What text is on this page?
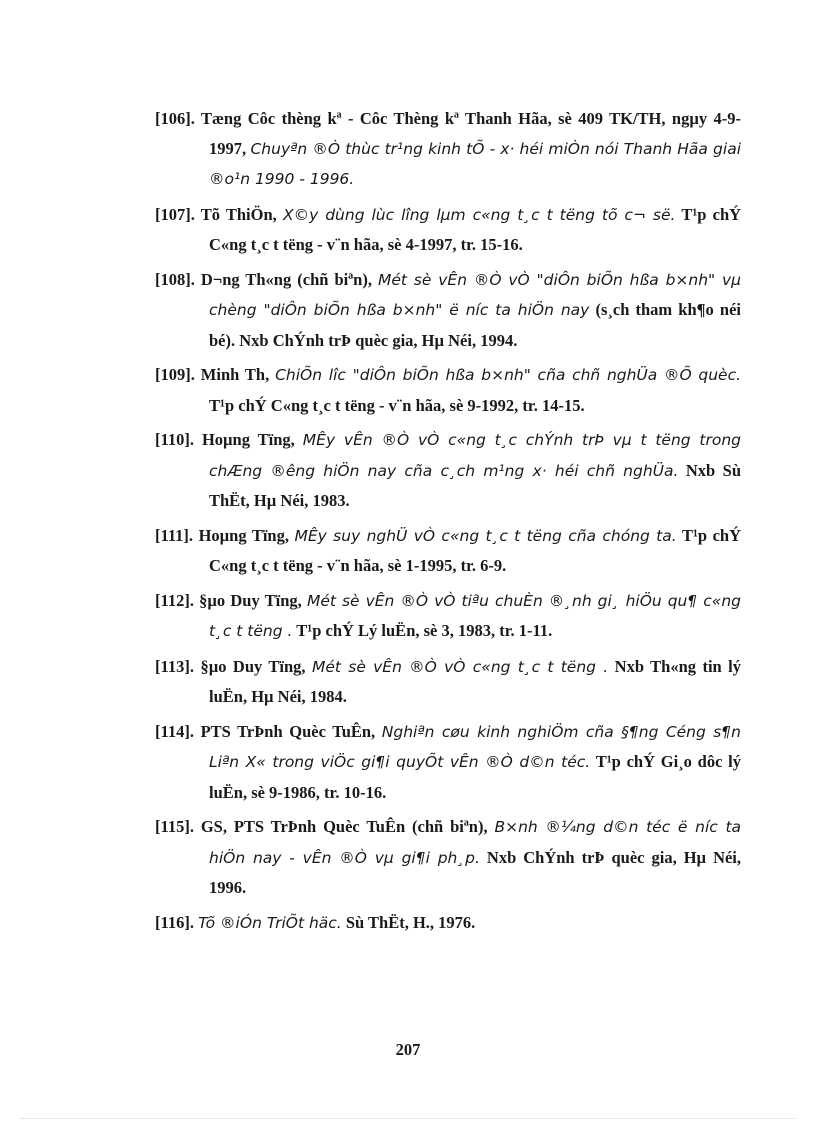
[106]. Tæng Côc thèng kª - Côc Thèng kª Thanh Hãa, sè 409 TK/TH, ngµy 4-9-1997, Chuyªn ®Ò thùc tr¹ng kinh tÕ - x· héi miÒn nói Thanh Hãa giai ®o¹n 1990 - 1996.
[107]. Tõ ThiÖn, X©y dùng lùc lîng lµm c«ng t¸c t tëng tõ c¬ së. T¹p chÝ C«ng t¸c t tëng - v¨n hãa, sè 4-1997, tr. 15-16.
[108]. D¬ng Th«ng (chñ biªn), Mét sè vÊn ®Ò vÒ "diÔn biÕn hßa b×nh" vµ chèng "diÔn biÕn hßa b×nh" ë níc ta hiÖn nay (s¸ch tham kh¶o néi bé). Nxb ChÝnh trÞ quèc gia, Hµ Néi, 1994.
[109]. Minh Th, ChiÕn lîc "diÔn biÕn hßa b×nh" cña chñ nghÜa ®Õ quèc. T¹p chÝ C«ng t¸c t tëng - v¨n hãa, sè 9-1992, tr. 14-15.
[110]. Hoµng Tïng, MÊy vÊn ®Ò vÒ c«ng t¸c chÝnh trÞ vµ t tëng trong chÆng ®êng hiÖn nay cña c¸ch m¹ng x· héi chñ nghÜa. Nxb Sù ThËt, Hµ Néi, 1983.
[111]. Hoµng Tïng, MÊy suy nghÜ vÒ c«ng t¸c t tëng cña chóng ta. T¹p chÝ C«ng t¸c t tëng - v¨n hãa, sè 1-1995, tr. 6-9.
[112]. §µo Duy Tïng, Mét sè vÊn ®Ò vÒ tiªu chuÈn ®¸nh gi¸ hiÖu qu¶ c«ng t¸c t tëng . T¹p chÝ Lý luËn, sè 3, 1983, tr. 1-11.
[113]. §µo Duy Tïng, Mét sè vÊn ®Ò vÒ c«ng t¸c t tëng . Nxb Th«ng tin lý luËn, Hµ Néi, 1984.
[114]. PTS TrÞnh Quèc TuÊn, Nghiªn cøu kinh nghiÖm cña §¶ng Céng s¶n Liªn X« trong viÖc gi¶i quyÕt vÊn ®Ò d©n téc. T¹p chÝ Gi¸o dôc lý luËn, sè 9-1986, tr. 10-16.
[115]. GS, PTS TrÞnh Quèc TuÊn (chñ biªn), B×nh ®¼ng d©n téc ë níc ta hiÖn nay - vÊn ®Ò vµ gi¶i ph¸p. Nxb ChÝnh trÞ quèc gia, Hµ Néi, 1996.
[116]. Tõ ®iÓn TriÕt häc. Sù ThËt, H., 1976.
207
